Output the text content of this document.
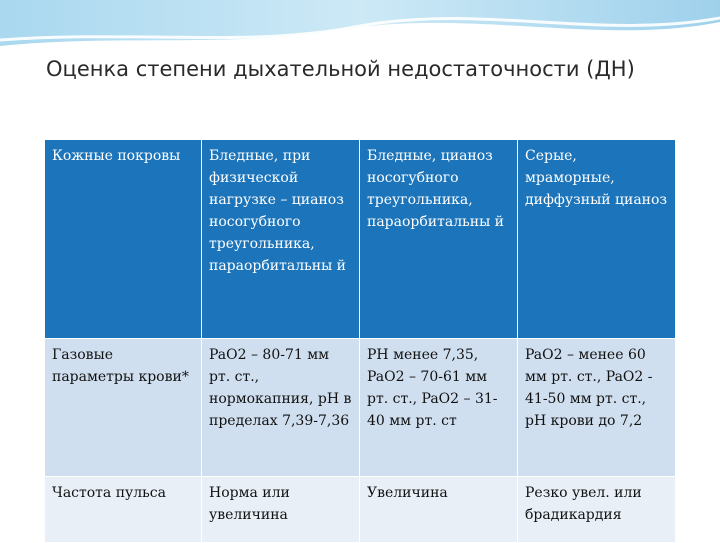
Оценка степени дыхательной недостаточности (ДН)
Кожные покровы	Бледные, при физической нагрузке – цианоз носогубного треугольника, параорбитальны й	Бледные, цианоз носогубного треугольника, параорбитальны й	Серые, мраморные, диффузный цианоз
Газовые параметры крови*	PaO2 – 80-71 мм рт. ст., нормокапния, pH в пределах 7,39-7,36	PH менее 7,35, PaO2 – 70-61 мм рт. ст., PaO2 – 31-40 мм рт. ст	PaO2 – менее 60 мм рт. ст., PaO2 - 41-50 мм рт. ст., pH крови до 7,2
Частота пульса	Норма или увеличина	Увеличина	Резко увел. или брадикардия
